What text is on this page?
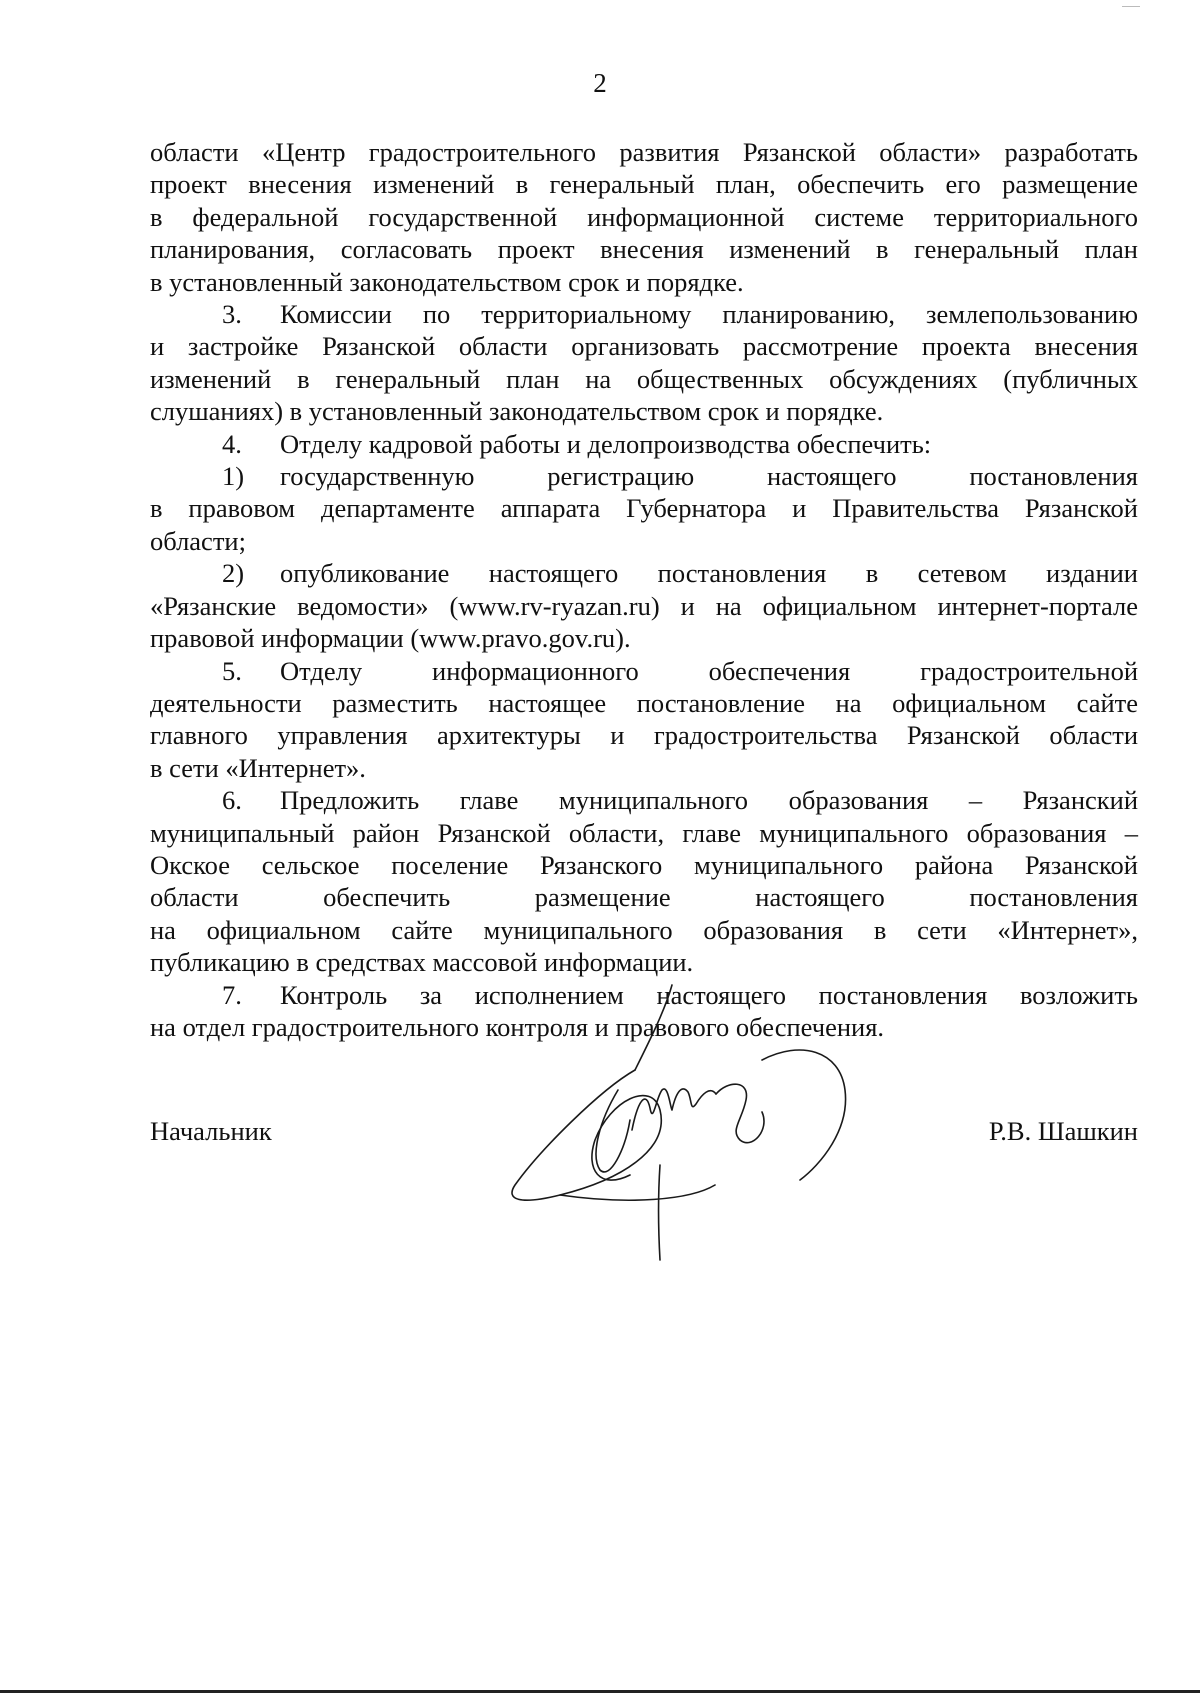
2
области «Центр градостроительного развития Рязанской области» разработать
проект внесения изменений в генеральный план, обеспечить его размещение
в федеральной государственной информационной системе территориального
планирования, согласовать проект внесения изменений в генеральный план
в установленный законодательством срок и порядке.
3. Комиссии по территориальному планированию, землепользованию
и застройке Рязанской области организовать рассмотрение проекта внесения
изменений в генеральный план на общественных обсуждениях (публичных
слушаниях) в установленный законодательством срок и порядке.
4. Отделу кадровой работы и делопроизводства обеспечить:
1) государственную регистрацию настоящего постановления
в правовом департаменте аппарата Губернатора и Правительства Рязанской
области;
2) опубликование настоящего постановления в сетевом издании
«Рязанские ведомости» (www.rv-ryazan.ru) и на официальном интернет-портале
правовой информации (www.pravo.gov.ru).
5. Отделу информационного обеспечения градостроительной
деятельности разместить настоящее постановление на официальном сайте
главного управления архитектуры и градостроительства Рязанской области
в сети «Интернет».
6. Предложить главе муниципального образования – Рязанский
муниципальный район Рязанской области, главе муниципального образования –
Окское сельское поселение Рязанского муниципального района Рязанской
области обеспечить размещение настоящего постановления
на официальном сайте муниципального образования в сети «Интернет»,
публикацию в средствах массовой информации.
7. Контроль за исполнением настоящего постановления возложить
на отдел градостроительного контроля и правового обеспечения.
Начальник	Р.В. Шашкин
